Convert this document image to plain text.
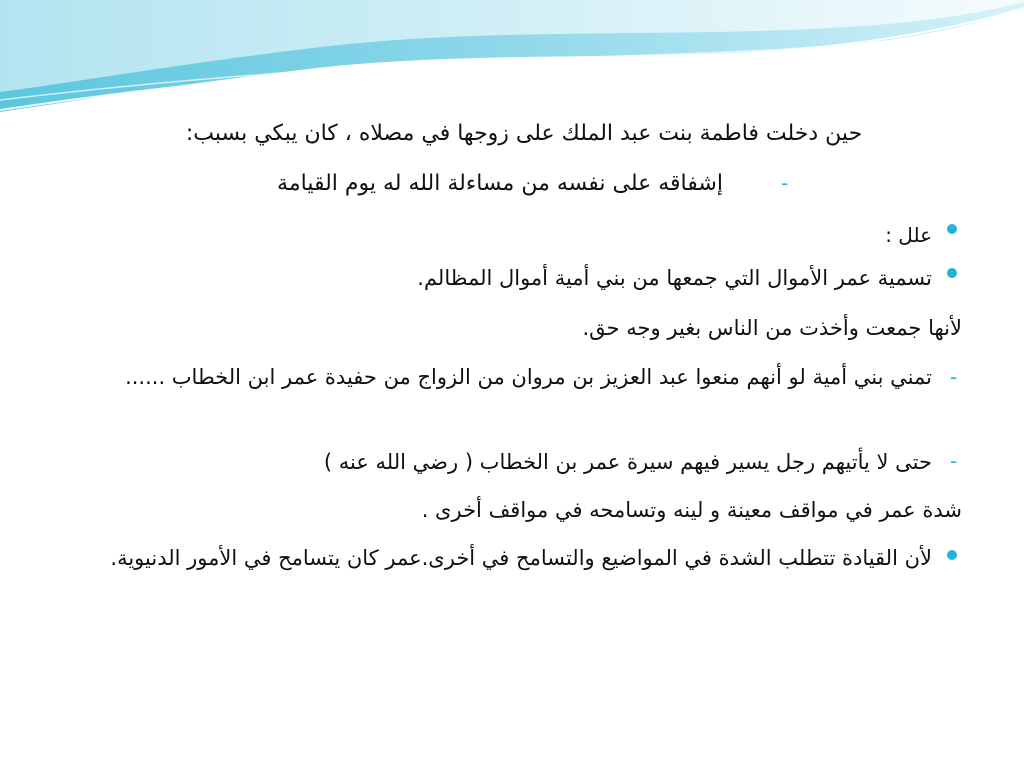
حين دخلت فاطمة بنت عبد الملك على زوجها في مصلاه ، كان يبكي بسبب:
-
إشفاقه على نفسه من مساءلة الله له يوم القيامة
علل :
تسمية عمر الأموال التي جمعها من بني أمية أموال المظالم.
لأنها جمعت وأخذت من الناس بغير وجه حق.
-
تمني بني أمية لو أنهم منعوا عبد العزيز بن مروان من الزواج من حفيدة عمر ابن الخطاب ......
-
حتى لا يأتيهم رجل يسير فيهم سيرة عمر بن الخطاب ( رضي الله عنه )
شدة عمر في مواقف معينة و لينه وتسامحه في مواقف أخرى .
لأن القيادة تتطلب الشدة في المواضيع والتسامح في أخرى.عمر كان يتسامح في الأمور الدنيوية.
